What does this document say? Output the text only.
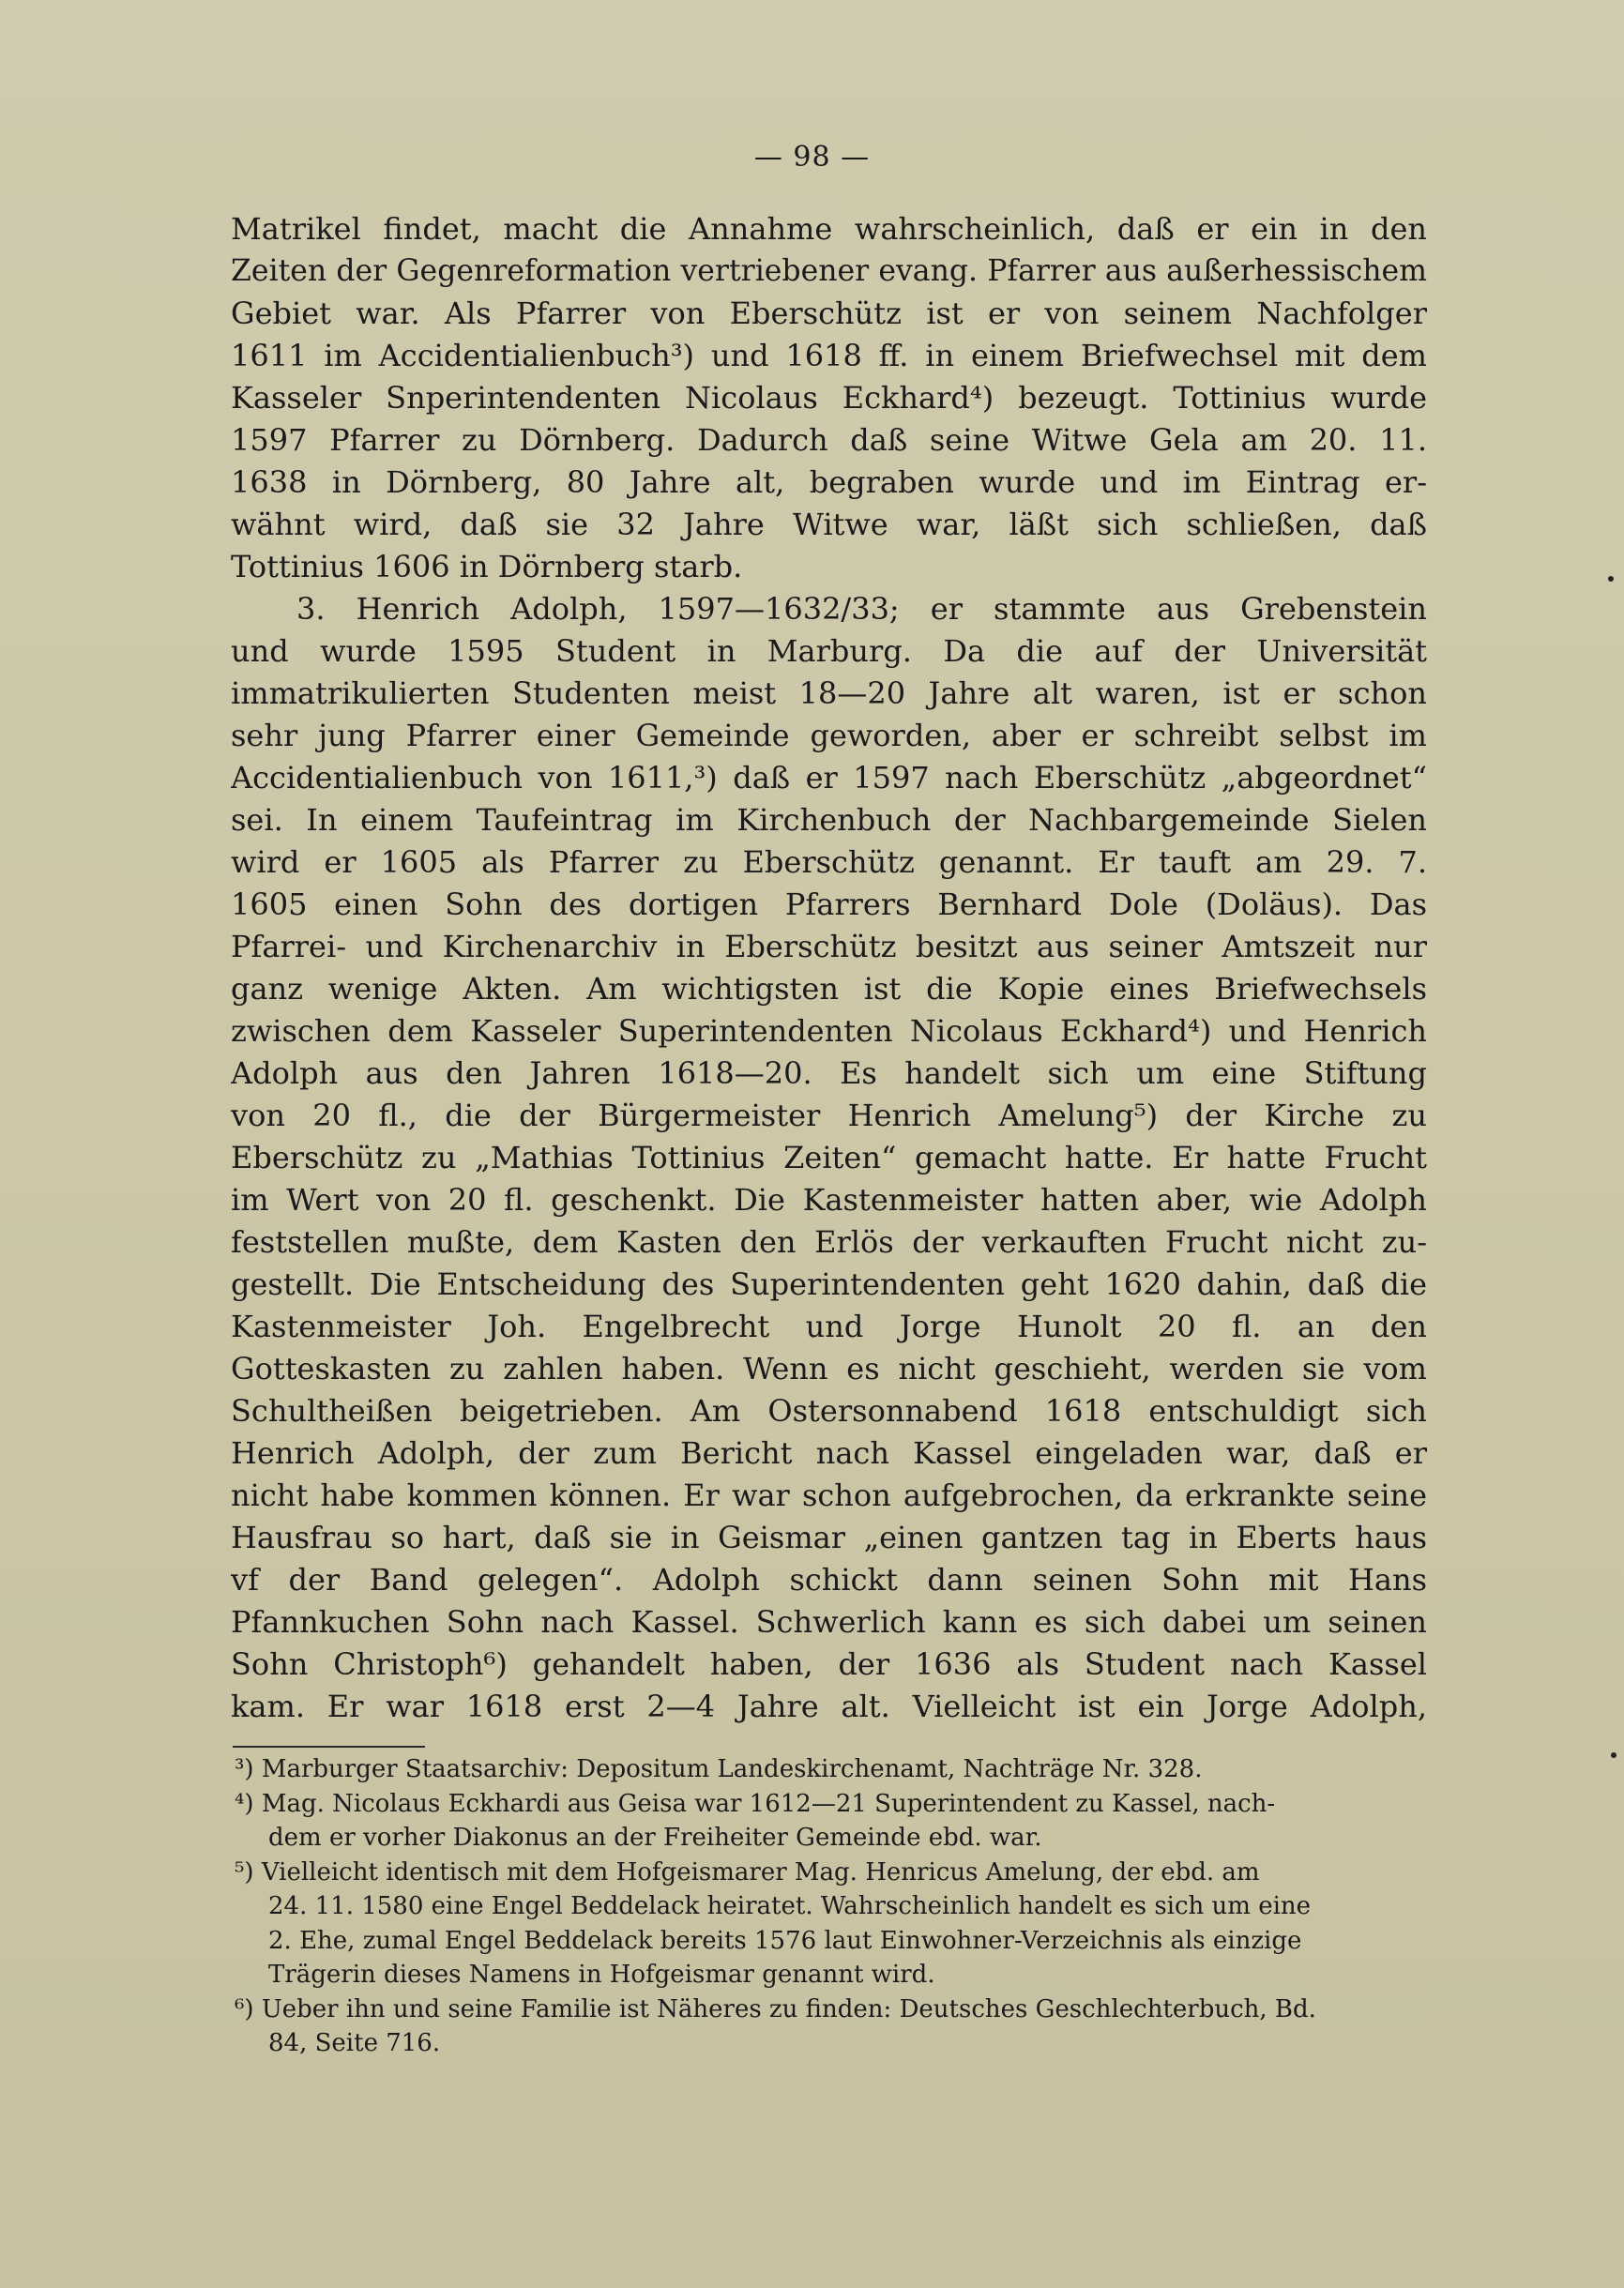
— 98 —
Matrikel findet, macht die Annahme wahrscheinlich, daß er ein in den
Zeiten der Gegenreformation vertriebener evang. Pfarrer aus außerhessischem
Gebiet war. Als Pfarrer von Eberschütz ist er von seinem Nachfolger
1611 im Accidentialienbuch³) und 1618 ff. in einem Briefwechsel mit dem
Kasseler Snperintendenten Nicolaus Eckhard⁴) bezeugt. Tottinius wurde
1597 Pfarrer zu Dörnberg. Dadurch daß seine Witwe Gela am 20. 11.
1638 in Dörnberg, 80 Jahre alt, begraben wurde und im Eintrag er-
wähnt wird, daß sie 32 Jahre Witwe war, läßt sich schließen, daß
Tottinius 1606 in Dörnberg starb.
3. Henrich Adolph, 1597—1632/33; er stammte aus Grebenstein
und wurde 1595 Student in Marburg. Da die auf der Universität
immatrikulierten Studenten meist 18—20 Jahre alt waren, ist er schon
sehr jung Pfarrer einer Gemeinde geworden, aber er schreibt selbst im
Accidentialienbuch von 1611,³) daß er 1597 nach Eberschütz „abgeordnet“
sei. In einem Taufeintrag im Kirchenbuch der Nachbargemeinde Sielen
wird er 1605 als Pfarrer zu Eberschütz genannt. Er tauft am 29. 7.
1605 einen Sohn des dortigen Pfarrers Bernhard Dole (Doläus). Das
Pfarrei- und Kirchenarchiv in Eberschütz besitzt aus seiner Amtszeit nur
ganz wenige Akten. Am wichtigsten ist die Kopie eines Briefwechsels
zwischen dem Kasseler Superintendenten Nicolaus Eckhard⁴) und Henrich
Adolph aus den Jahren 1618—20. Es handelt sich um eine Stiftung
von 20 fl., die der Bürgermeister Henrich Amelung⁵) der Kirche zu
Eberschütz zu „Mathias Tottinius Zeiten“ gemacht hatte. Er hatte Frucht
im Wert von 20 fl. geschenkt. Die Kastenmeister hatten aber, wie Adolph
feststellen mußte, dem Kasten den Erlös der verkauften Frucht nicht zu-
gestellt. Die Entscheidung des Superintendenten geht 1620 dahin, daß die
Kastenmeister Joh. Engelbrecht und Jorge Hunolt 20 fl. an den
Gotteskasten zu zahlen haben. Wenn es nicht geschieht, werden sie vom
Schultheißen beigetrieben. Am Ostersonnabend 1618 entschuldigt sich
Henrich Adolph, der zum Bericht nach Kassel eingeladen war, daß er
nicht habe kommen können. Er war schon aufgebrochen, da erkrankte seine
Hausfrau so hart, daß sie in Geismar „einen gantzen tag in Eberts haus
vf der Band gelegen“. Adolph schickt dann seinen Sohn mit Hans
Pfannkuchen Sohn nach Kassel. Schwerlich kann es sich dabei um seinen
Sohn Christoph⁶) gehandelt haben, der 1636 als Student nach Kassel
kam. Er war 1618 erst 2—4 Jahre alt. Vielleicht ist ein Jorge Adolph,
³) Marburger Staatsarchiv: Depositum Landeskirchenamt, Nachträge Nr. 328.
⁴) Mag. Nicolaus Eckhardi aus Geisa war 1612—21 Superintendent zu Kassel, nach-
dem er vorher Diakonus an der Freiheiter Gemeinde ebd. war.
⁵) Vielleicht identisch mit dem Hofgeismarer Mag. Henricus Amelung, der ebd. am
24. 11. 1580 eine Engel Beddelack heiratet. Wahrscheinlich handelt es sich um eine
2. Ehe, zumal Engel Beddelack bereits 1576 laut Einwohner-Verzeichnis als einzige
Trägerin dieses Namens in Hofgeismar genannt wird.
⁶) Ueber ihn und seine Familie ist Näheres zu finden: Deutsches Geschlechterbuch, Bd.
84, Seite 716.
